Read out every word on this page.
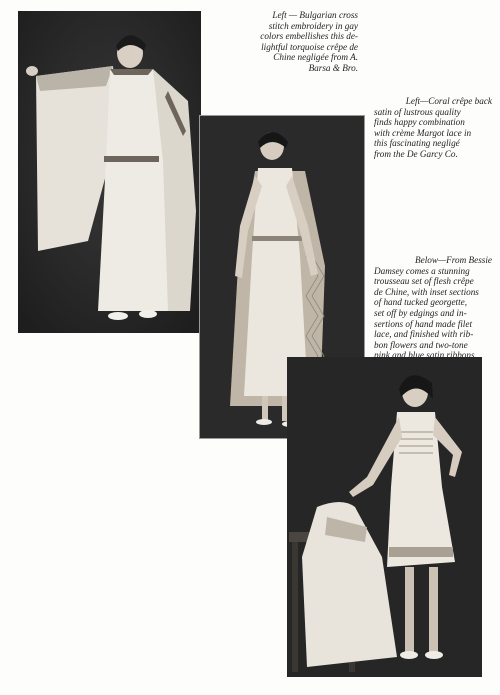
Left — Bulgarian cross
stitch embroidery in gay
colors embellishes this de-
lightful torquoise crêpe de
Chine negligée from A.
Barsa & Bro.

Left—Coral crêpe back
satin of lustrous quality
finds happy combination
with crème Margot lace in
this fascinating negligé
from the De Garcy Co.

Below—From Bessie
Damsey comes a stunning
trousseau set of flesh crêpe
de Chine, with inset sections
of hand tucked georgette,
set off by edgings and in-
sertions of hand made filet
lace, and finished with rib-
bon flowers and two-tone
pink and blue satin ribbons.
